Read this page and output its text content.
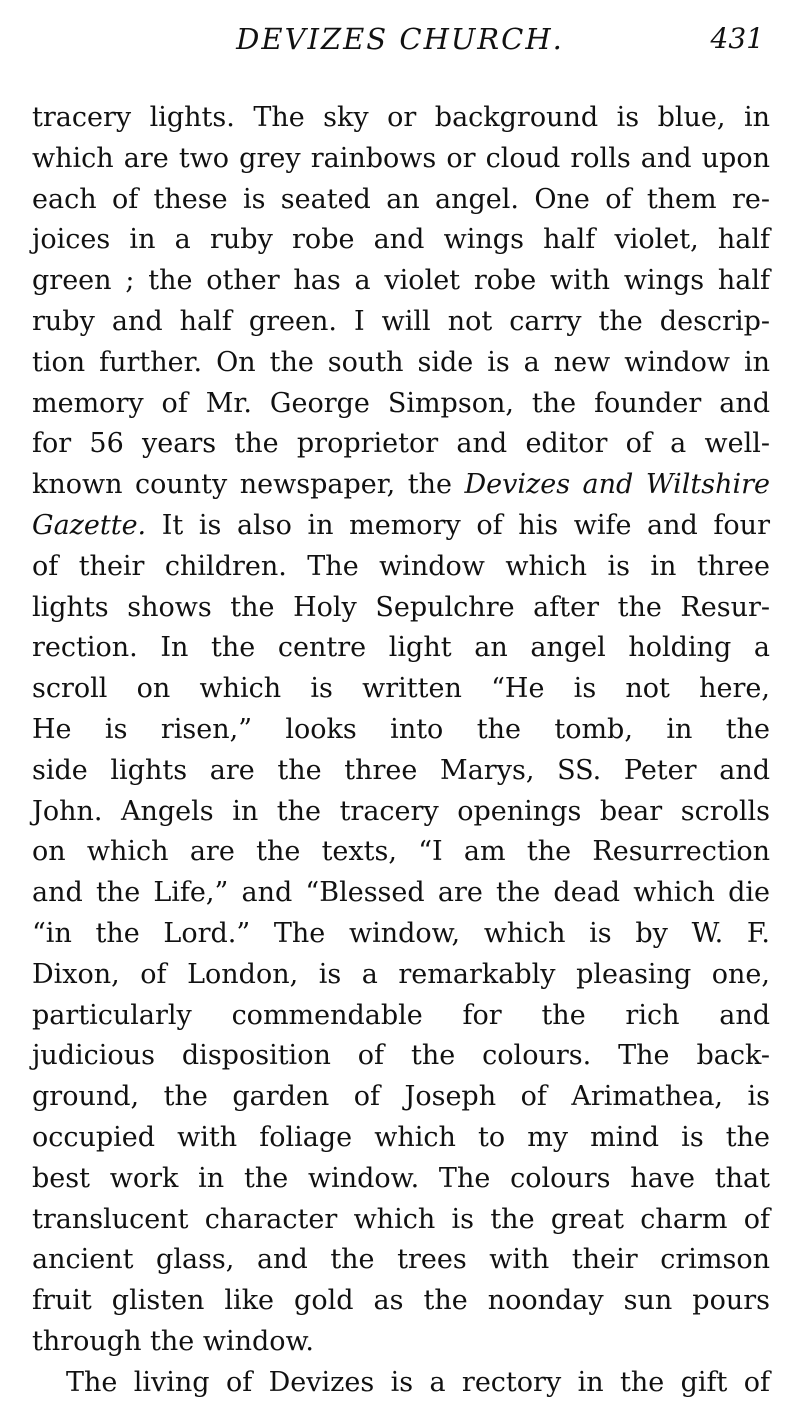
DEVIZES CHURCH.	431
tracery lights. The sky or background is blue, in
which are two grey rainbows or cloud rolls and upon
each of these is seated an angel. One of them re-
joices in a ruby robe and wings half violet, half
green ; the other has a violet robe with wings half
ruby and half green. I will not carry the descrip-
tion further. On the south side is a new window in
memory of Mr. George Simpson, the founder and
for 56 years the proprietor and editor of a well-
known county newspaper, the Devizes and Wiltshire
Gazette. It is also in memory of his wife and four
of their children. The window which is in three
lights shows the Holy Sepulchre after the Resur-
rection. In the centre light an angel holding a
scroll on which is written “He is not here,
He is risen,” looks into the tomb, in the
side lights are the three Marys, SS. Peter and
John. Angels in the tracery openings bear scrolls
on which are the texts, “I am the Resurrection
and the Life,” and “Blessed are the dead which die
“in the Lord.” The window, which is by W. F.
Dixon, of London, is a remarkably pleasing one,
particularly commendable for the rich and
judicious disposition of the colours. The back-
ground, the garden of Joseph of Arimathea, is
occupied with foliage which to my mind is the
best work in the window. The colours have that
translucent character which is the great charm of
ancient glass, and the trees with their crimson
fruit glisten like gold as the noonday sun pours
through the window.
The living of Devizes is a rectory in the gift of
